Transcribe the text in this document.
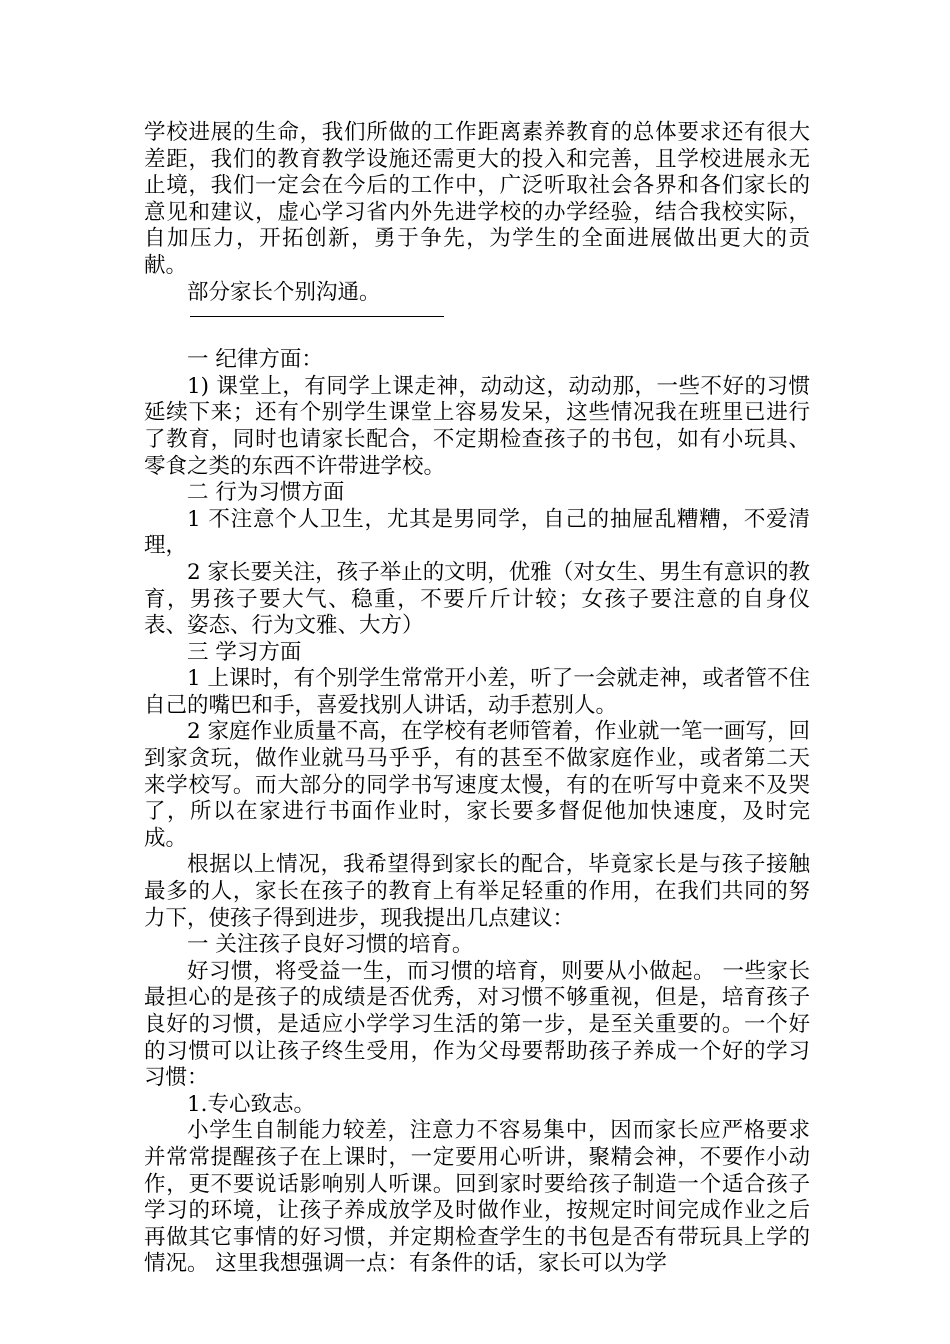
学校进展的生命，我们所做的工作距离素养教育的总体要求还有很大差距，我们的教育教学设施还需更大的投入和完善，且学校进展永无止境，我们一定会在今后的工作中，广泛听取社会各界和各们家长的意见和建议，虚心学习省内外先进学校的办学经验，结合我校实际，自加压力，开拓创新，勇于争先，为学生的全面进展做出更大的贡献。

部分家长个别沟通。

一 纪律方面：

1) 课堂上，有同学上课走神，动动这，动动那，一些不好的习惯延续下来；还有个别学生课堂上容易发呆，这些情况我在班里已进行了教育，同时也请家长配合，不定期检查孩子的书包，如有小玩具、零食之类的东西不许带进学校。

二 行为习惯方面

1 不注意个人卫生，尤其是男同学，自己的抽屉乱糟糟，不爱清理，

2 家长要关注，孩子举止的文明，优雅（对女生、男生有意识的教育，男孩子要大气、稳重，不要斤斤计较；女孩子要注意的自身仪表、姿态、行为文雅、大方）

三 学习方面

1 上课时，有个别学生常常开小差，听了一会就走神，或者管不住自己的嘴巴和手，喜爱找别人讲话，动手惹别人。

2 家庭作业质量不高，在学校有老师管着，作业就一笔一画写，回到家贪玩，做作业就马马乎乎，有的甚至不做家庭作业，或者第二天来学校写。而大部分的同学书写速度太慢，有的在听写中竟来不及哭了，所以在家进行书面作业时，家长要多督促他加快速度，及时完成。

根据以上情况，我希望得到家长的配合，毕竟家长是与孩子接触最多的人，家长在孩子的教育上有举足轻重的作用，在我们共同的努力下，使孩子得到进步，现我提出几点建议：

一 关注孩子良好习惯的培育。

好习惯，将受益一生，而习惯的培育，则要从小做起。 一些家长最担心的是孩子的成绩是否优秀，对习惯不够重视，但是，培育孩子良好的习惯，是适应小学学习生活的第一步，是至关重要的。一个好的习惯可以让孩子终生受用，作为父母要帮助孩子养成一个好的学习习惯：

1.专心致志。

小学生自制能力较差，注意力不容易集中，因而家长应严格要求并常常提醒孩子在上课时，一定要用心听讲，聚精会神，不要作小动作，更不要说话影响别人听课。回到家时要给孩子制造一个适合孩子学习的环境，让孩子养成放学及时做作业，按规定时间完成作业之后再做其它事情的好习惯，并定期检查学生的书包是否有带玩具上学的情况。 这里我想强调一点：有条件的话，家长可以为学
